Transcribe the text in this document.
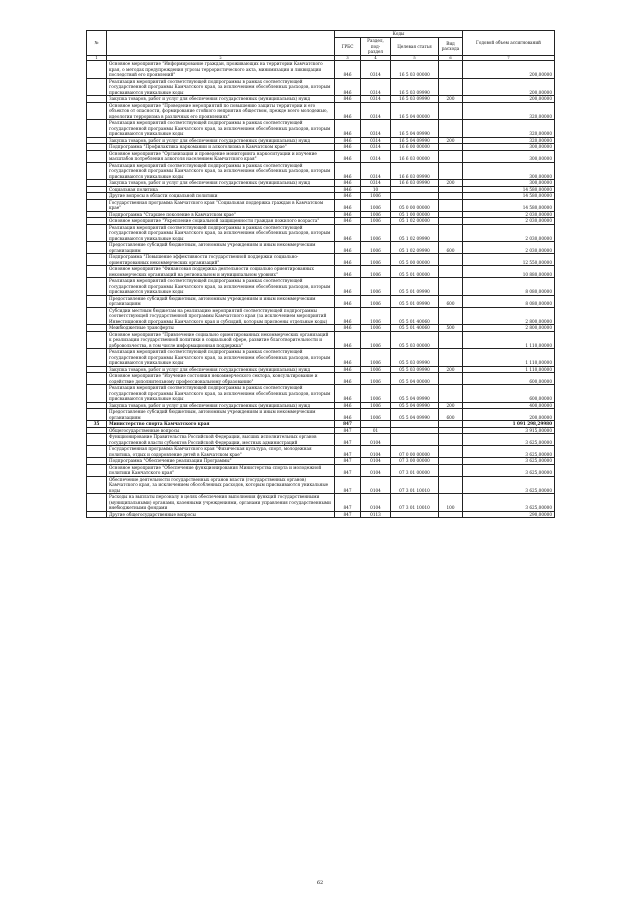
№		Коды				Годовой объем ассигнований
		ГРБС	Раздел, под- раздел	Целевая статья	Вид расхода	
1	2	3	4	5	6	7
	Основное мероприятие "Информирование граждан, проживающих на территории Камчатского края, о методах предупреждения угрозы террористического акта, минимизации и ликвидации последствий его проявлений"	846	0314	16 5 03 00000		200,00000
	Реализация мероприятий соответствующей подпрограммы в рамках соответствующей государственной программы Камчатского края, за исключением обособленных расходов, которым присваиваются уникальные коды	846	0314	16 5 03 09990		200,00000
	Закупка товаров, работ и услуг для обеспечения государственных (муниципальных) нужд	846	0314	16 5 03 09990	200	200,00000
	Основное мероприятие "Проведение мероприятий по повышению защиты территории и его объектов от опасности, формирование стойкого неприятия обществом, прежде всего молодежью, идеологии терроризма в различных его проявлениях"	846	0314	16 5 04 00000		320,00000
	Реализация мероприятий соответствующей подпрограммы в рамках соответствующей государственной программы Камчатского края, за исключением обособленных расходов, которым присваиваются уникальные коды	846	0314	16 5 04 09990		320,00000
	Закупка товаров, работ и услуг для обеспечения государственных (муниципальных) нужд	846	0314	16 5 04 09990	200	320,00000
	Подпрограмма "Профилактика наркомании и алкоголизма в Камчатском крае"	846	0314	16 6 00 00000		300,00000
	Основное мероприятие "Организация и проведение мониторинга наркоситуации и изучение масштабов потребления алкоголя населением Камчатского края"	846	0314	16 6 03 00000		300,00000
	Реализация мероприятий соответствующей подпрограммы в рамках соответствующей государственной программы Камчатского края, за исключением обособленных расходов, которым присваиваются уникальные коды	846	0314	16 6 03 09990		300,00000
	Закупка товаров, работ и услуг для обеспечения государственных (муниципальных) нужд	846	0314	16 6 03 09990	200	300,00000
	Социальная политика	846	10			14 580,00000
	Другие вопросы в области социальной политики	846	1006			14 580,00000
	Государственная программа Камчатского края "Социальная поддержка граждан в Камчатском крае"	846	1006	05 0 00 00000		14 580,00000
	Подпрограмма "Старшее поколение в Камчатском крае"	846	1006	05 1 00 00000		2 030,00000
	Основное мероприятие "Укрепление социальной защищенности граждан пожилого возраста"	846	1006	05 1 02 00000		2 030,00000
	Реализация мероприятий соответствующей подпрограммы в рамках соответствующей государственной программы Камчатского края, за исключением обособленных расходов, которым присваиваются уникальные коды	846	1006	05 1 02 09990		2 030,00000
	Предоставление субсидий бюджетным, автономным учреждениям и иным некоммерческим организациям	846	1006	05 1 02 09990	600	2 030,00000
	Подпрограмма "Повышение эффективности государственной поддержки социально-ориентированных некоммерческих организаций"	846	1006	05 5 00 00000		12 550,00000
	Основное мероприятие "Финансовая поддержка деятельности социально ориентированных некоммерческих организаций на региональном и муниципальном уровнях"	846	1006	05 5 01 00000		10 880,00000
	Реализация мероприятий соответствующей подпрограммы в рамках соответствующей государственной программы Камчатского края, за исключением обособленных расходов, которым присваиваются уникальные коды	846	1006	05 5 01 09990		8 080,00000
	Предоставление субсидий бюджетным, автономным учреждениям и иным некоммерческим организациям	846	1006	05 5 01 09990	600	8 080,00000
	Субсидии местным бюджетам на реализацию мероприятий соответствующей подпрограммы соответствующей государственной программы Камчатского края (за исключением мероприятий Инвестиционной программы Камчатского края и субсидий, которым присвоены отдельные коды)	846	1006	05 5 01 40060		2 800,00000
	Межбюджетные трансферты	846	1006	05 5 01 40060	500	2 800,00000
	Основное мероприятие "Привлечение социально ориентированных некоммерческих организаций к реализации государственной политики в социальной сфере, развитие благотворительности и добровольчества, в том числе информационная поддержка"	846	1006	05 5 03 00000		1 110,00000
	Реализация мероприятий соответствующей подпрограммы в рамках соответствующей государственной программы Камчатского края, за исключением обособленных расходов, которым присваиваются уникальные коды	846	1006	05 5 03 09990		1 110,00000
	Закупка товаров, работ и услуг для обеспечения государственных (муниципальных) нужд	846	1006	05 5 03 09990	200	1 110,00000
	Основное мероприятие "Изучение состояния некоммерческого сектора, консультирование и содействие дополнительному профессиональному образованию"	846	1006	05 5 04 00000		600,00000
	Реализация мероприятий соответствующей подпрограммы в рамках соответствующей государственной программы Камчатского края, за исключением обособленных расходов, которым присваиваются уникальные коды	846	1006	05 5 04 09990		600,00000
	Закупка товаров, работ и услуг для обеспечения государственных (муниципальных) нужд	846	1006	05 5 04 09990	200	400,00000
	Предоставление субсидий бюджетным, автономным учреждениям и иным некоммерческим организациям	846	1006	05 5 04 09990	600	200,00000
35	Министерство спорта Камчатского края	847				1 091 298,29980
	Общегосударственные вопросы	847	01			3 915,00000
	Функционирование Правительства Российской Федерации, высших исполнительных органов государственной власти субъектов Российской Федерации, местных администраций	847	0104			3 625,00000
	Государственная программа Камчатского края "Физическая культура, спорт, молодежная политика, отдых и оздоровление детей в Камчатском крае"	847	0104	07 0 00 00000		3 625,00000
	Подпрограмма "Обеспечение реализации Программы"	847	0104	07 3 00 00000		3 625,00000
	Основное мероприятие "Обеспечение функционирования Министерства спорта и молодежной политики Камчатского края"	847	0104	07 3 01 00000		3 625,00000
	Обеспечение деятельности государственных органов власти (государственных органов) Камчатского края, за исключением обособленных расходов, которым присваиваются уникальные коды	847	0104	07 3 01 10010		3 625,00000
	Расходы на выплаты персоналу в целях обеспечения выполнения функций государственными (муниципальными) органами, казенными учреждениями, органами управления государственными внебюджетными фондами	847	0104	07 3 01 10010	100	3 625,00000
	Другие общегосударственные вопросы	847	0113			290,00000
62
